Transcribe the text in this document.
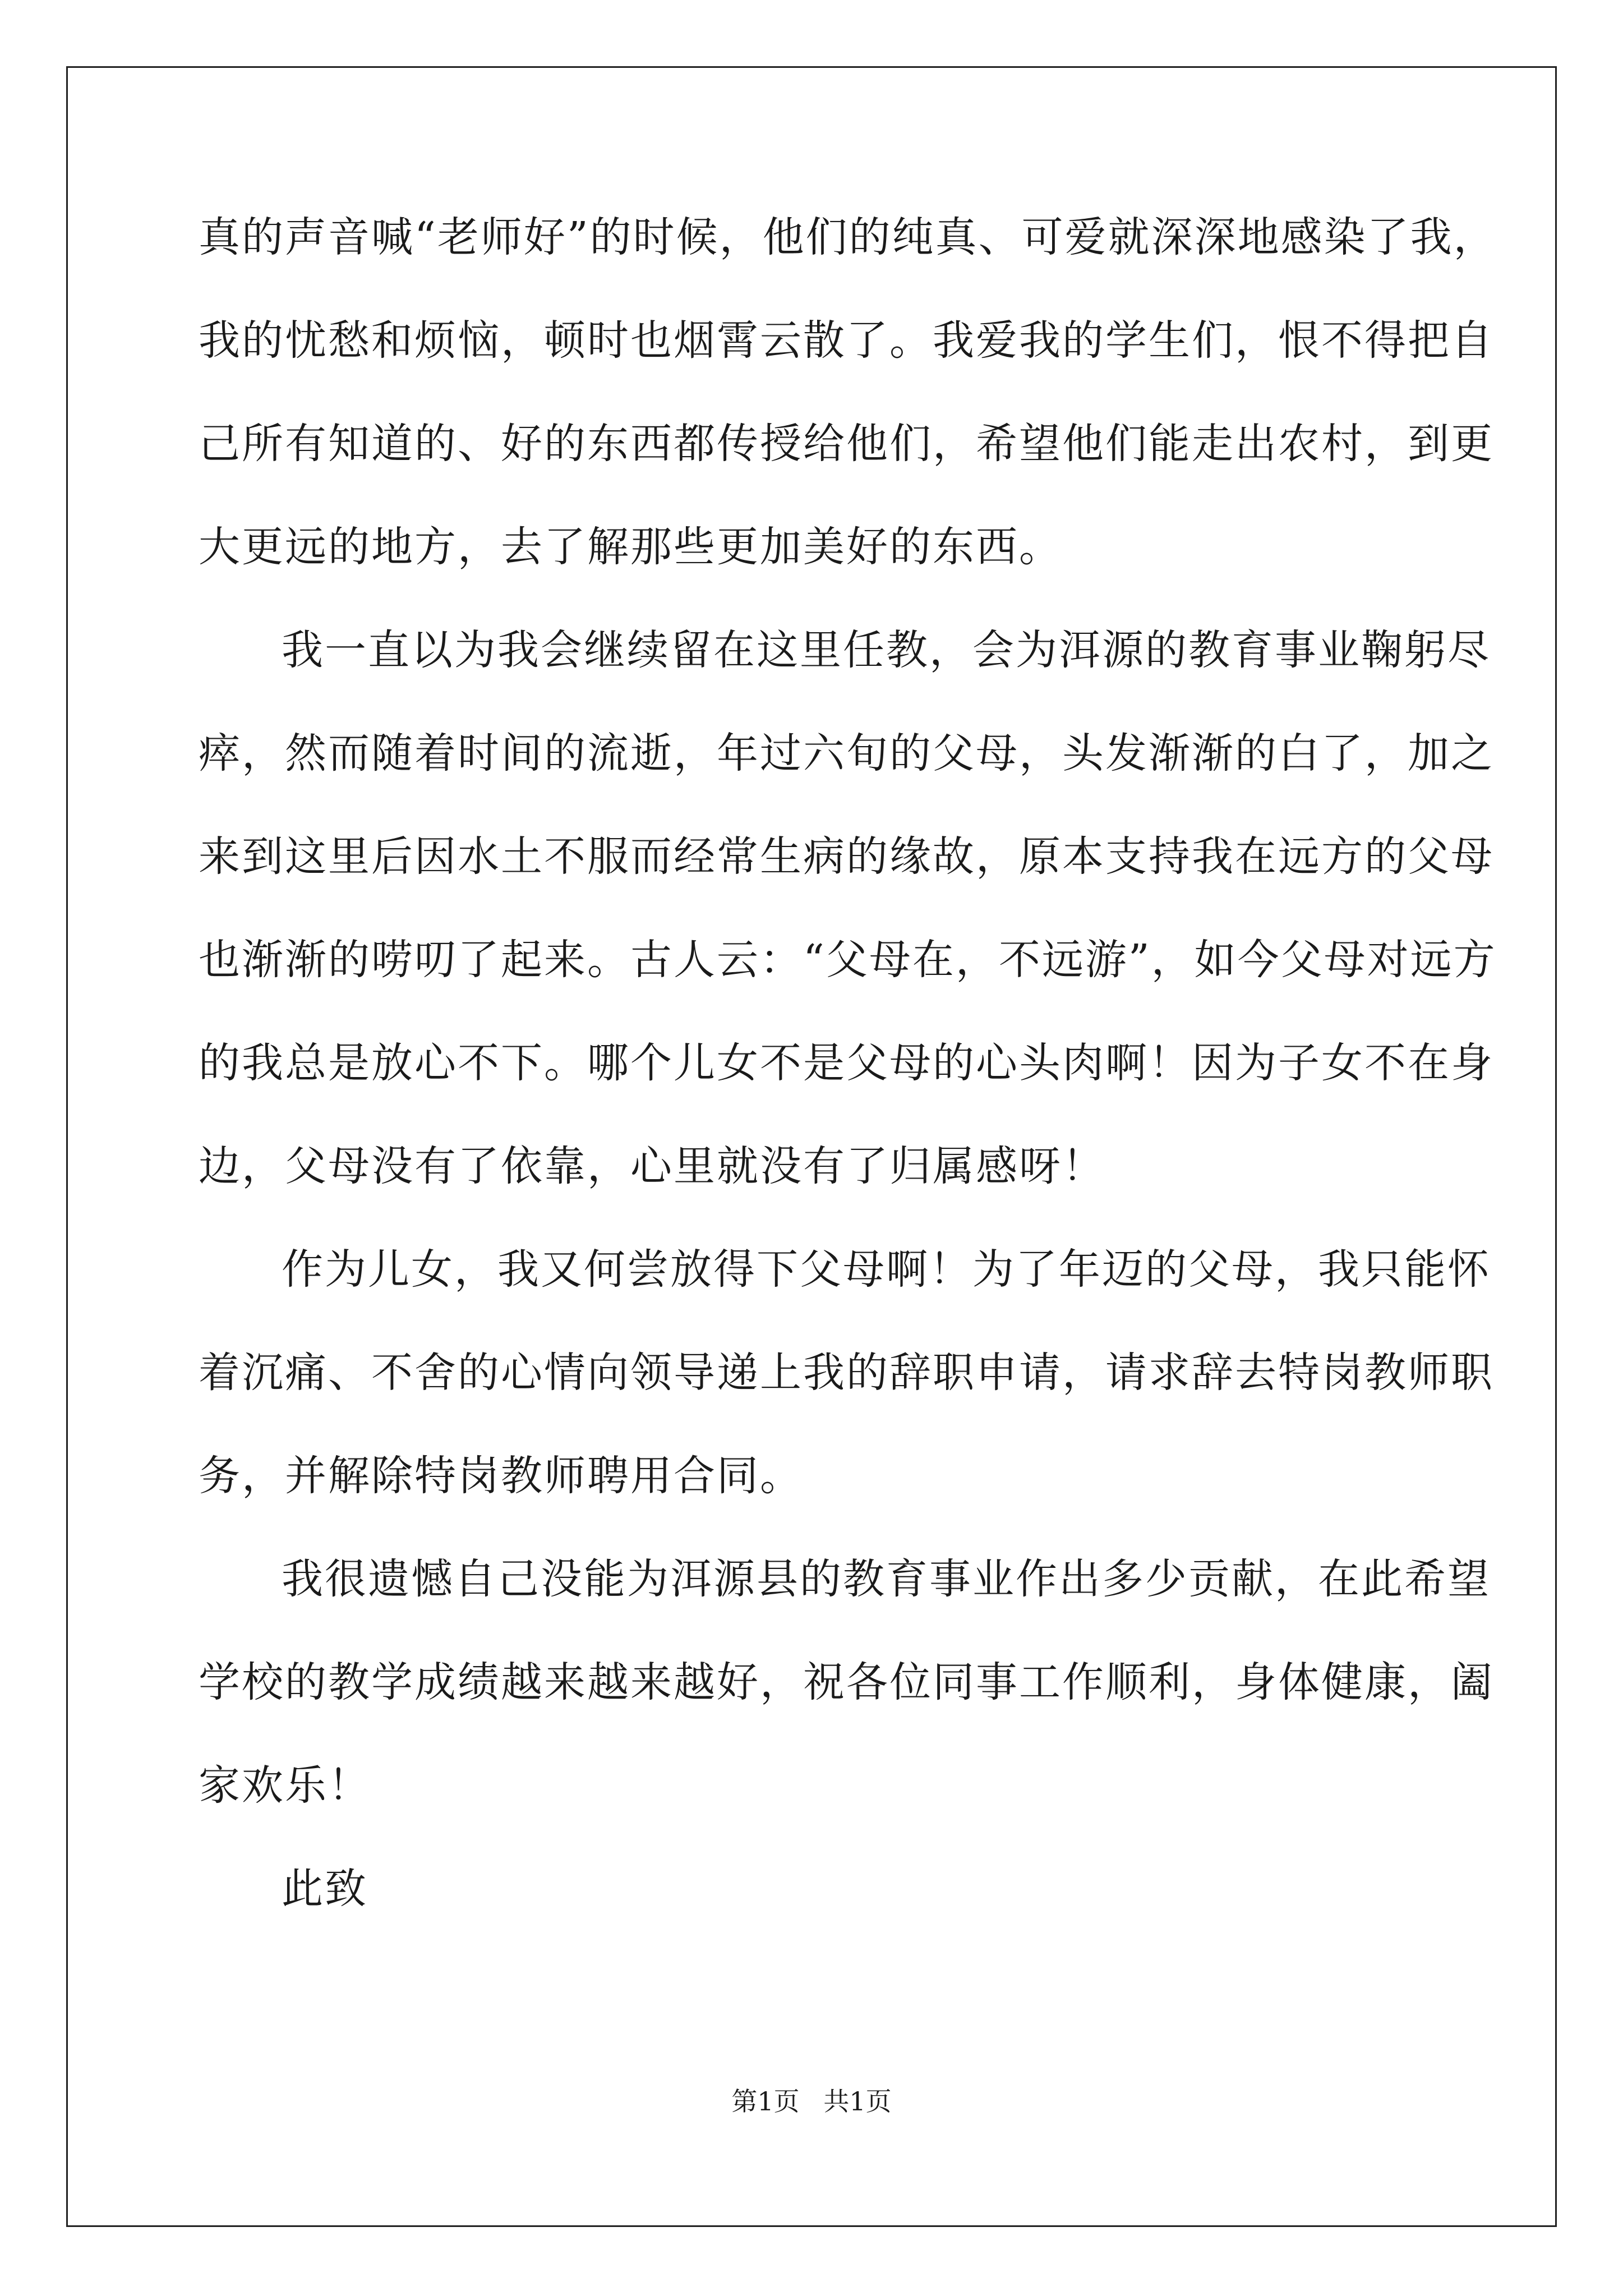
真的声音喊“老师好”的时候，他们的纯真、可爱就深深地感染了我，
我的忧愁和烦恼，顿时也烟霄云散了。我爱我的学生们，恨不得把自
己所有知道的、好的东西都传授给他们，希望他们能走出农村，到更
大更远的地方，去了解那些更加美好的东西。
我一直以为我会继续留在这里任教，会为洱源的教育事业鞠躬尽
瘁，然而随着时间的流逝，年过六旬的父母，头发渐渐的白了，加之
来到这里后因水土不服而经常生病的缘故，原本支持我在远方的父母
也渐渐的唠叨了起来。古人云：“父母在，不远游”，如今父母对远方
的我总是放心不下。哪个儿女不是父母的心头肉啊！因为子女不在身
边，父母没有了依靠，心里就没有了归属感呀！
作为儿女，我又何尝放得下父母啊！为了年迈的父母，我只能怀
着沉痛、不舍的心情向领导递上我的辞职申请，请求辞去特岗教师职
务，并解除特岗教师聘用合同。
我很遗憾自己没能为洱源县的教育事业作出多少贡献，在此希望
学校的教学成绩越来越来越好，祝各位同事工作顺利，身体健康，阖
家欢乐！
此致
第1页 共1页
